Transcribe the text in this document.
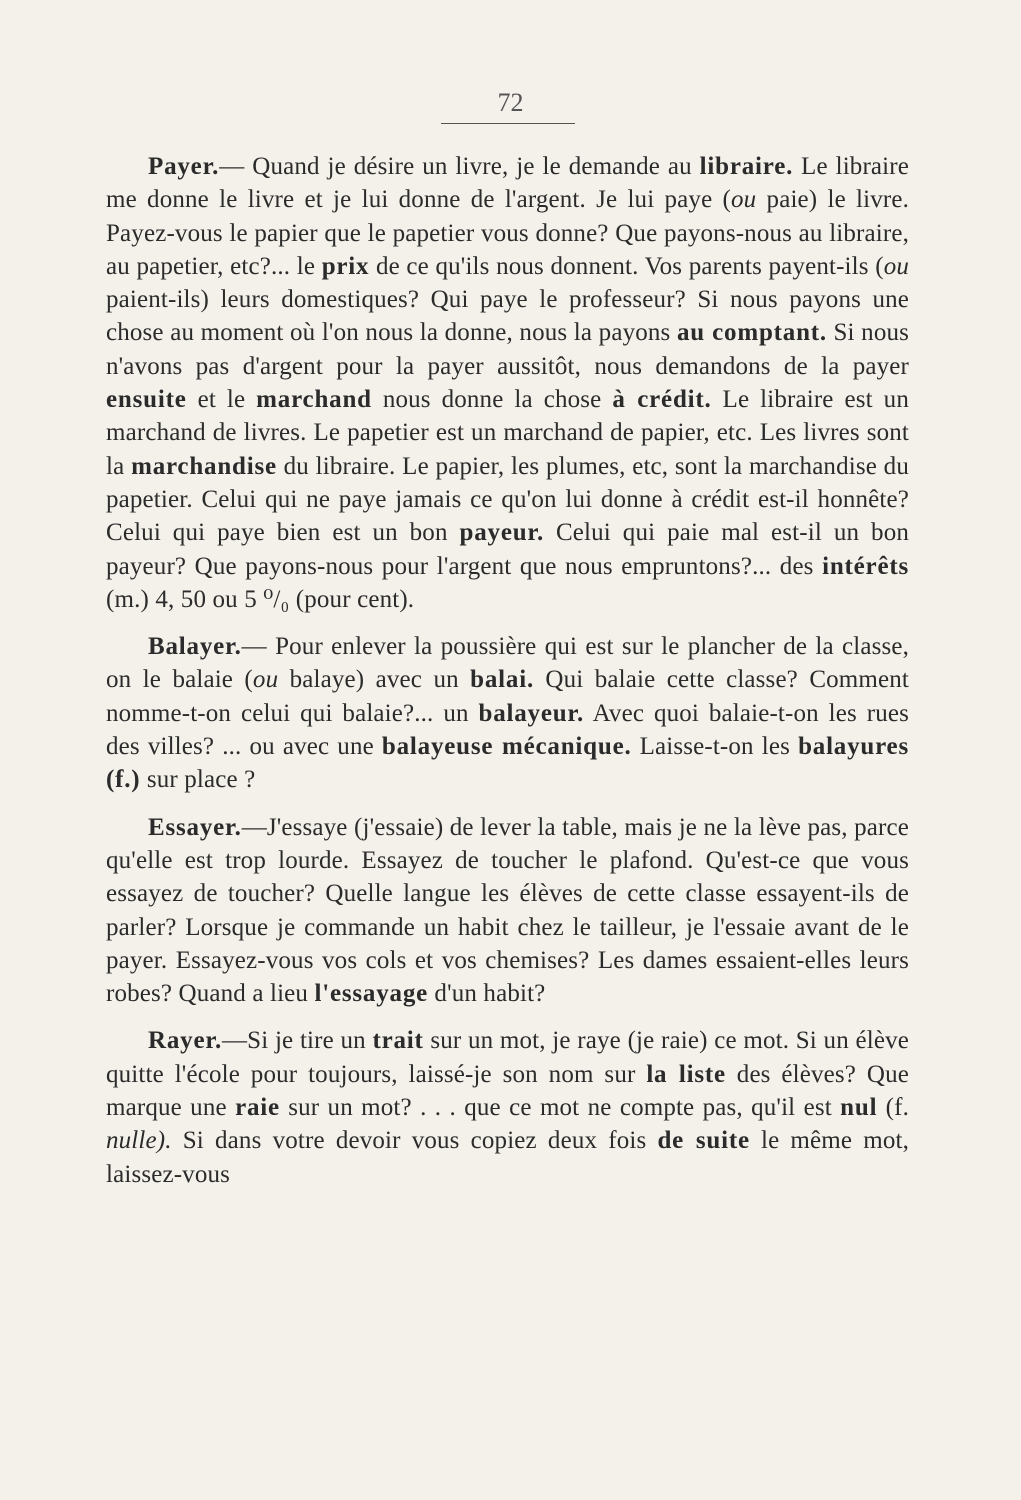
72

Payer.— Quand je désire un livre, je le demande au libraire. Le libraire me donne le livre et je lui donne de l'argent. Je lui paye (ou paie) le livre. Payez-vous le papier que le papetier vous donne? Que payons-nous au libraire, au papetier, etc?... le prix de ce qu'ils nous donnent. Vos parents payent-ils (ou paient-ils) leurs domestiques? Qui paye le professeur? Si nous payons une chose au moment où l'on nous la donne, nous la payons au comptant. Si nous n'avons pas d'argent pour la payer aussitôt, nous demandons de la payer ensuite et le marchand nous donne la chose à crédit. Le libraire est un marchand de livres. Le papetier est un marchand de papier, etc. Les livres sont la marchandise du libraire. Le papier, les plumes, etc, sont la marchandise du papetier. Celui qui ne paye jamais ce qu'on lui donne à crédit est-il honnête? Celui qui paye bien est un bon payeur. Celui qui paie mal est-il un bon payeur? Que payons-nous pour l'argent que nous empruntons?... des intérêts (m.) 4, 50 ou 5 ⁰/₀ (pour cent).

Balayer.— Pour enlever la poussière qui est sur le plancher de la classe, on le balaie (ou balaye) avec un balai. Qui balaie cette classe? Comment nomme-t-on celui qui balaie?... un balayeur. Avec quoi balaie-t-on les rues des villes? ... ou avec une balayeuse mécanique. Laisse-t-on les balayures (f.) sur place ?

Essayer.—J'essaye (j'essaie) de lever la table, mais je ne la lève pas, parce qu'elle est trop lourde. Essayez de toucher le plafond. Qu'est-ce que vous essayez de toucher? Quelle langue les élèves de cette classe essayent-ils de parler? Lorsque je commande un habit chez le tailleur, je l'essaie avant de le payer. Essayez-vous vos cols et vos chemises? Les dames essaient-elles leurs robes? Quand a lieu l'essayage d'un habit?

Rayer.—Si je tire un trait sur un mot, je raye (je raie) ce mot. Si un élève quitte l'école pour toujours, laissé-je son nom sur la liste des élèves? Que marque une raie sur un mot? . . . que ce mot ne compte pas, qu'il est nul (f. nulle). Si dans votre devoir vous copiez deux fois de suite le même mot, laissez-vous
